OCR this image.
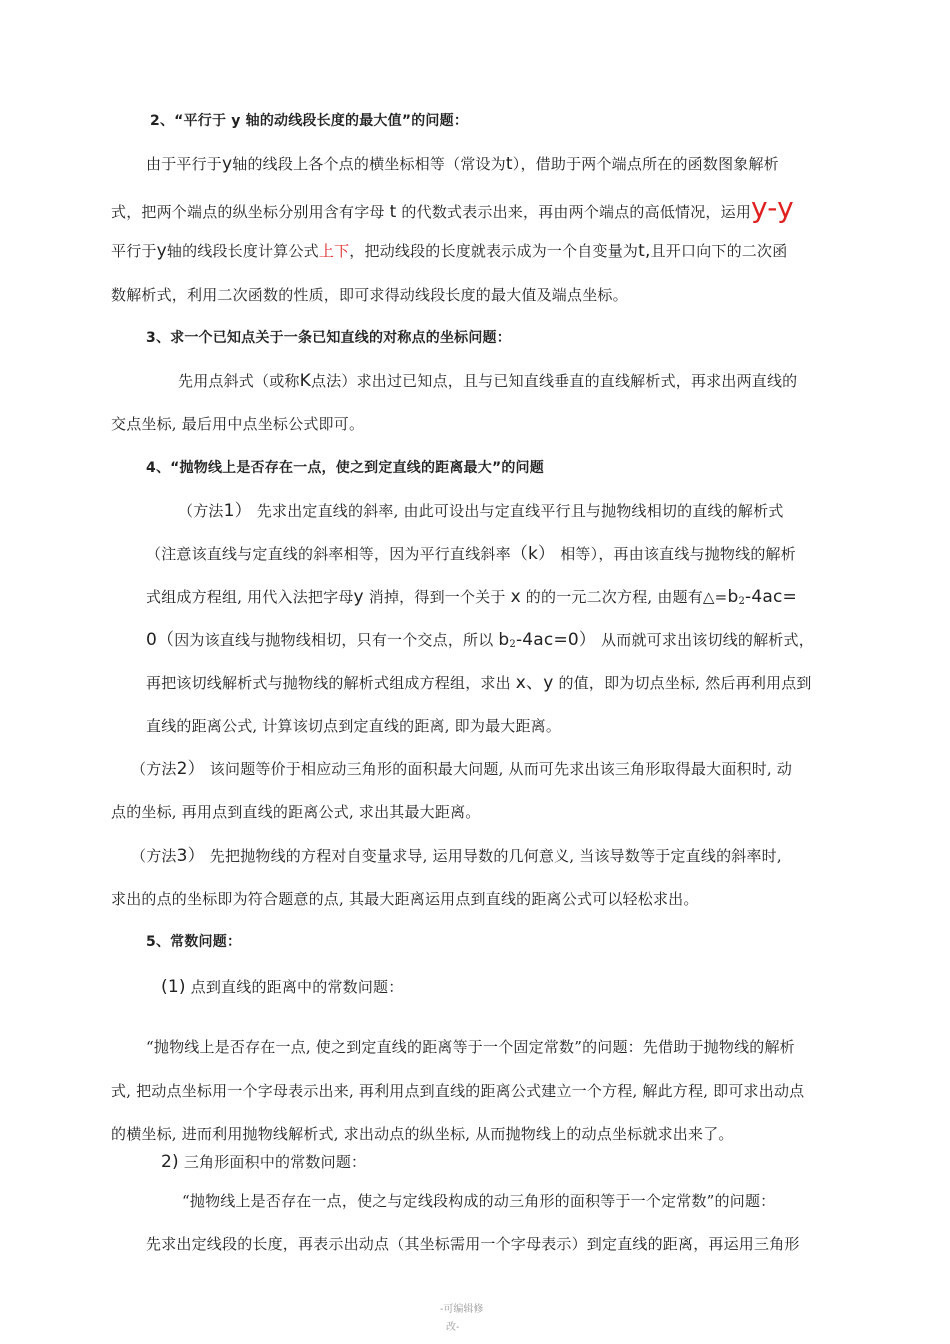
2、“平行于 y 轴的动线段长度的最大值”的问题：
由于平行于y轴的线段上各个点的横坐标相等（常设为t），借助于两个端点所在的函数图象解析
式，把两个端点的纵坐标分别用含有字母 t 的代数式表示出来，再由两个端点的高低情况，运用y-y
平行于y轴的线段长度计算公式上下，把动线段的长度就表示成为一个自变量为t,且开口向下的二次函
数解析式，利用二次函数的性质，即可求得动线段长度的最大值及端点坐标。
3、求一个已知点关于一条已知直线的对称点的坐标问题：
先用点斜式（或称K点法）求出过已知点，且与已知直线垂直的直线解析式，再求出两直线的
交点坐标, 最后用中点坐标公式即可。
4、“抛物线上是否存在一点，使之到定直线的距离最大”的问题
（方法1） 先求出定直线的斜率, 由此可设出与定直线平行且与抛物线相切的直线的解析式
（注意该直线与定直线的斜率相等，因为平行直线斜率（k） 相等），再由该直线与抛物线的解析
式组成方程组, 用代入法把字母y 消掉，得到一个关于 x 的的一元二次方程, 由题有$\triangle=b_2-4ac=$
0（因为该直线与抛物线相切，只有一个交点，所以 $b_2-4ac=0$） 从而就可求出该切线的解析式，
再把该切线解析式与抛物线的解析式组成方程组，求出 x、y 的值，即为切点坐标, 然后再利用点到
直线的距离公式, 计算该切点到定直线的距离, 即为最大距离。
（方法2） 该问题等价于相应动三角形的面积最大问题, 从而可先求出该三角形取得最大面积时, 动
点的坐标, 再用点到直线的距离公式, 求出其最大距离。
（方法3） 先把抛物线的方程对自变量求导, 运用导数的几何意义, 当该导数等于定直线的斜率时,
求出的点的坐标即为符合题意的点, 其最大距离运用点到直线的距离公式可以轻松求出。
5、常数问题：
(1) 点到直线的距离中的常数问题：
“抛物线上是否存在一点, 使之到定直线的距离等于一个固定常数”的问题：先借助于抛物线的解析
式, 把动点坐标用一个字母表示出来, 再利用点到直线的距离公式建立一个方程, 解此方程, 即可求出动点
的横坐标, 进而利用抛物线解析式, 求出动点的纵坐标, 从而抛物线上的动点坐标就求出来了。
2) 三角形面积中的常数问题：
“抛物线上是否存在一点，使之与定线段构成的动三角形的面积等于一个定常数”的问题：
先求出定线段的长度，再表示出动点（其坐标需用一个字母表示）到定直线的距离，再运用三角形
-可编辑修
改-
